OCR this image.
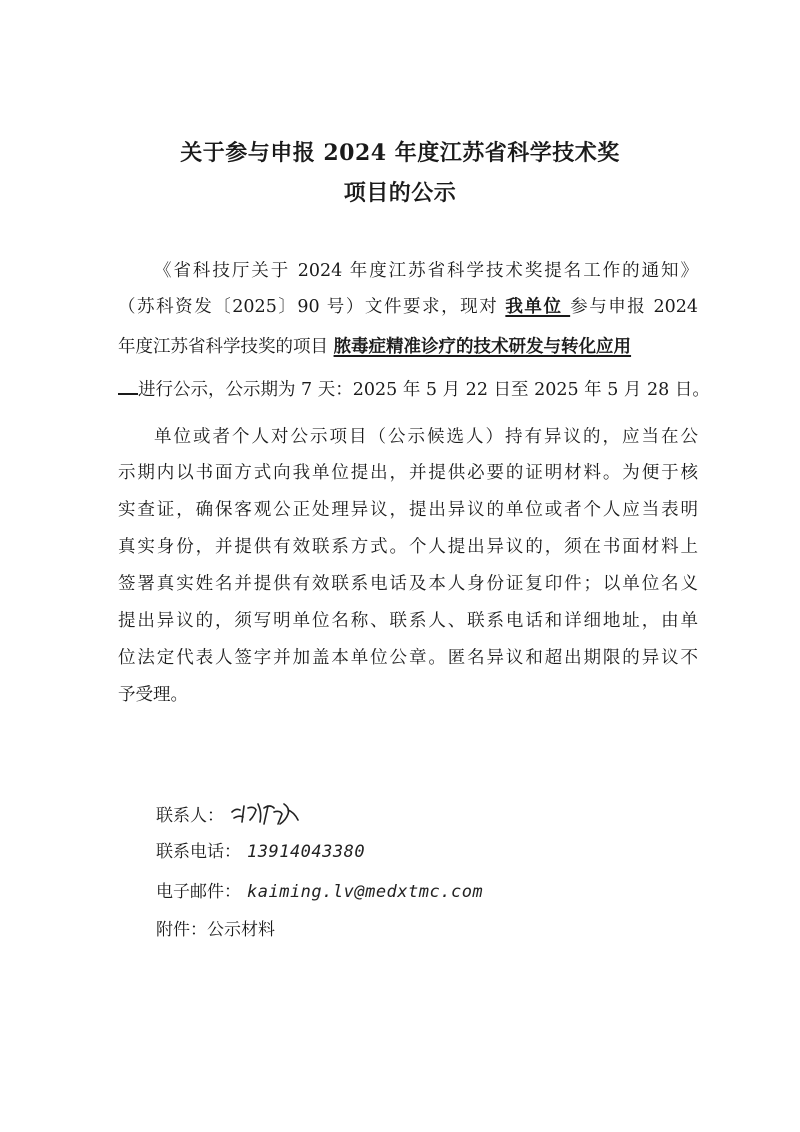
关于参与申报 2024 年度江苏省科学技术奖
项目的公示
《省科技厅关于 2024 年度江苏省科学技术奖提名工作的通知》
（苏科资发〔2025〕90 号）文件要求，现对 我单位 参与申报 2024
年度江苏省科学技奖的项目 脓毒症精准诊疗的技术研发与转化应用
进行公示，公示期为 7 天：2025 年 5 月 22 日至 2025 年 5 月 28 日。
单位或者个人对公示项目（公示候选人）持有异议的，应当在公
示期内以书面方式向我单位提出，并提供必要的证明材料。为便于核
实查证，确保客观公正处理异议，提出异议的单位或者个人应当表明
真实身份，并提供有效联系方式。个人提出异议的，须在书面材料上
签署真实姓名并提供有效联系电话及本人身份证复印件；以单位名义
提出异议的，须写明单位名称、联系人、联系电话和详细地址，由单
位法定代表人签字并加盖本单位公章。匿名异议和超出期限的异议不
予受理。
联系人：
联系电话： 13914043380
电子邮件： kaiming.lv@medxtmc.com
附件：公示材料
